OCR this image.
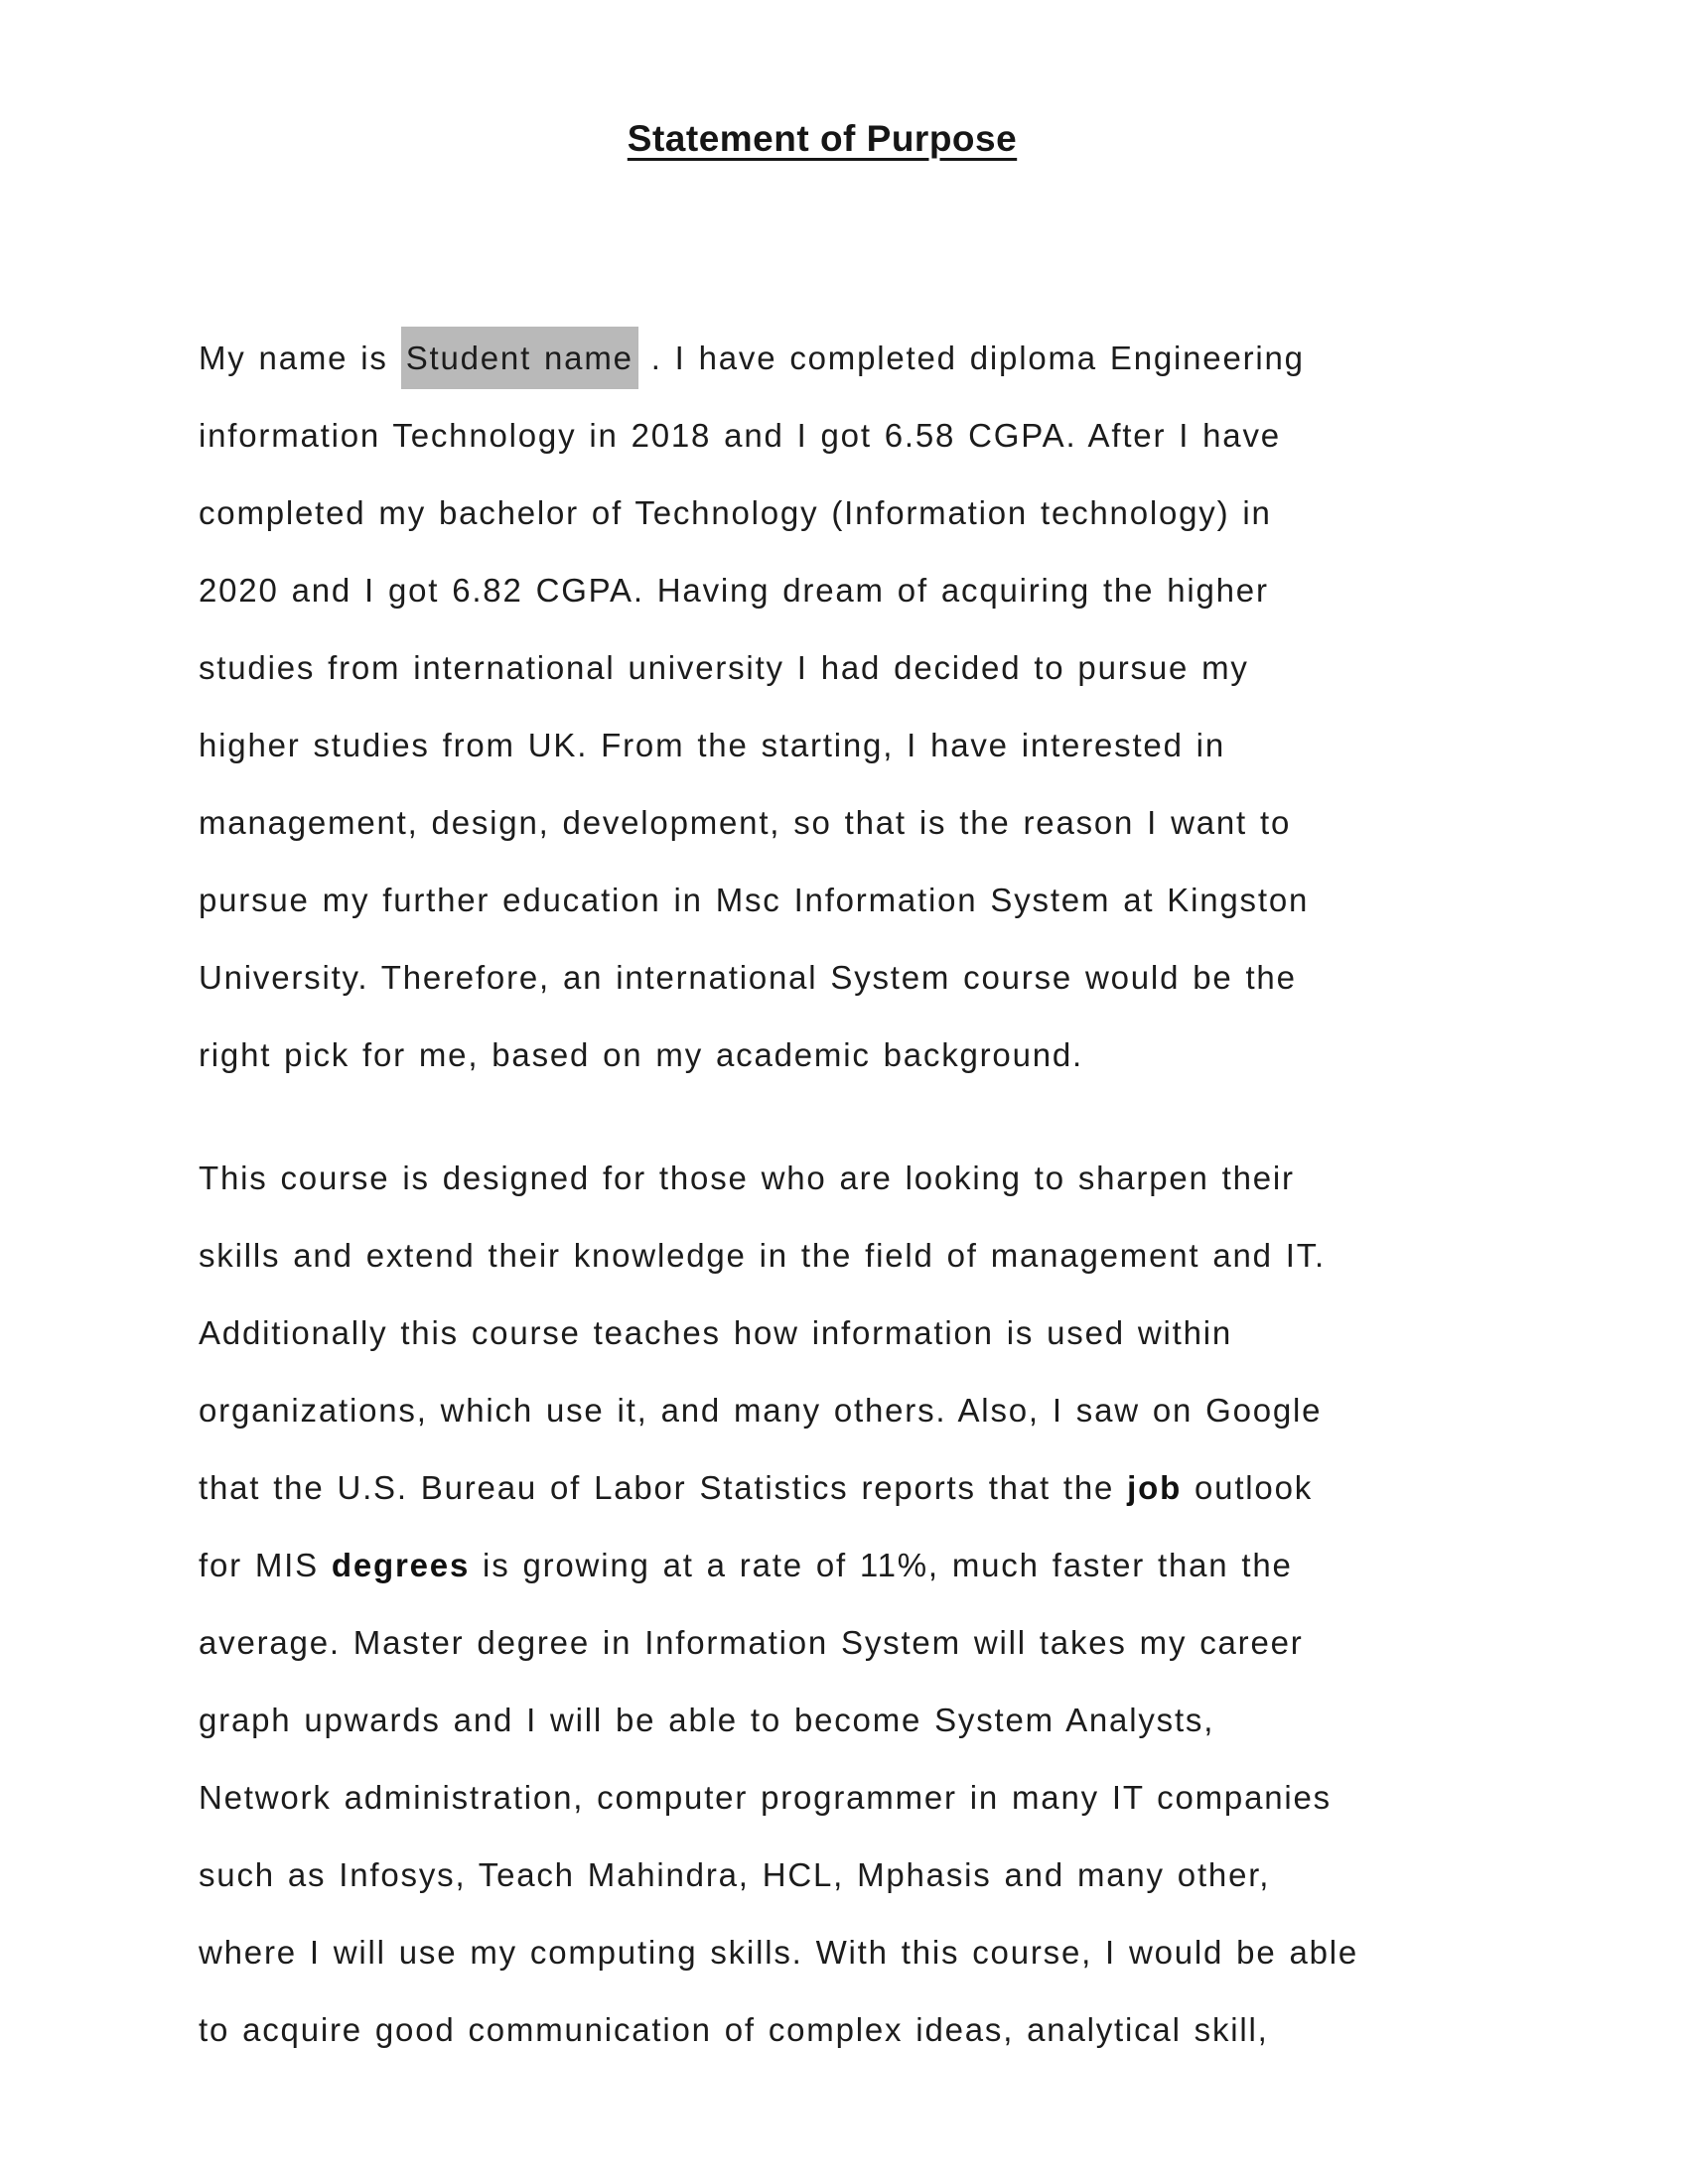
Statement of Purpose
My name is Student name . I have completed diploma Engineering
information Technology in 2018 and I got 6.58 CGPA. After I have
completed my bachelor of Technology (Information technology) in
2020 and I got 6.82 CGPA. Having dream of acquiring the higher
studies from international university I had decided to pursue my
higher studies from UK. From the starting, I have interested in
management, design, development, so that is the reason I want to
pursue my further education in Msc Information System at Kingston
University. Therefore, an international System course would be the
right pick for me, based on my academic background.
This course is designed for those who are looking to sharpen their
skills and extend their knowledge in the field of management and IT.
Additionally this course teaches how information is used within
organizations, which use it, and many others. Also, I saw on Google
that the U.S. Bureau of Labor Statistics reports that the job outlook
for MIS degrees is growing at a rate of 11%, much faster than the
average. Master degree in Information System will takes my career
graph upwards and I will be able to become System Analysts,
Network administration, computer programmer in many IT companies
such as Infosys, Teach Mahindra, HCL, Mphasis and many other,
where I will use my computing skills. With this course, I would be able
to acquire good communication of complex ideas, analytical skill,
